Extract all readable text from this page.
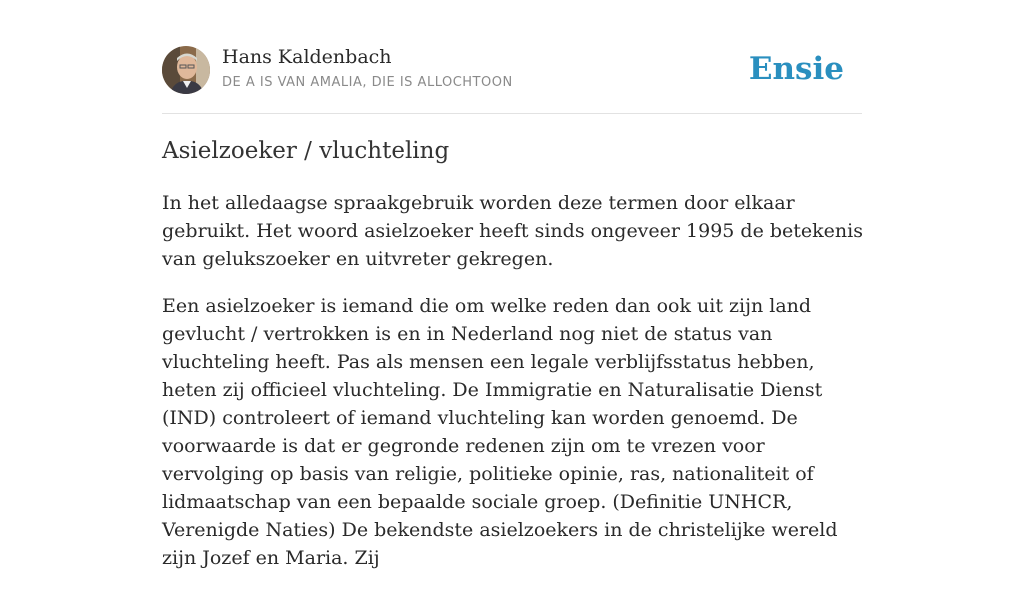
Hans Kaldenbach
DE A IS VAN AMALIA, DIE IS ALLOCHTOON	Ensie
Asielzoeker / vluchteling

In het alledaagse spraakgebruik worden deze termen door elkaar gebruikt. Het woord asielzoeker heeft sinds ongeveer 1995 de betekenis van gelukszoeker en uitvreter gekregen.

Een asielzoeker is iemand die om welke reden dan ook uit zijn land gevlucht / vertrokken is en in Nederland nog niet de status van vluchteling heeft. Pas als mensen een legale verblijfsstatus hebben, heten zij officieel vluchteling. De Immigratie en Naturalisatie Dienst (IND) controleert of iemand vluchteling kan worden genoemd. De voorwaarde is dat er gegronde redenen zijn om te vrezen voor vervolging op basis van religie, politieke opinie, ras, nationaliteit of lidmaatschap van een bepaalde sociale groep. (Definitie UNHCR, Verenigde Naties) De bekendste asielzoekers in de christelijke wereld zijn Jozef en Maria. Zij
